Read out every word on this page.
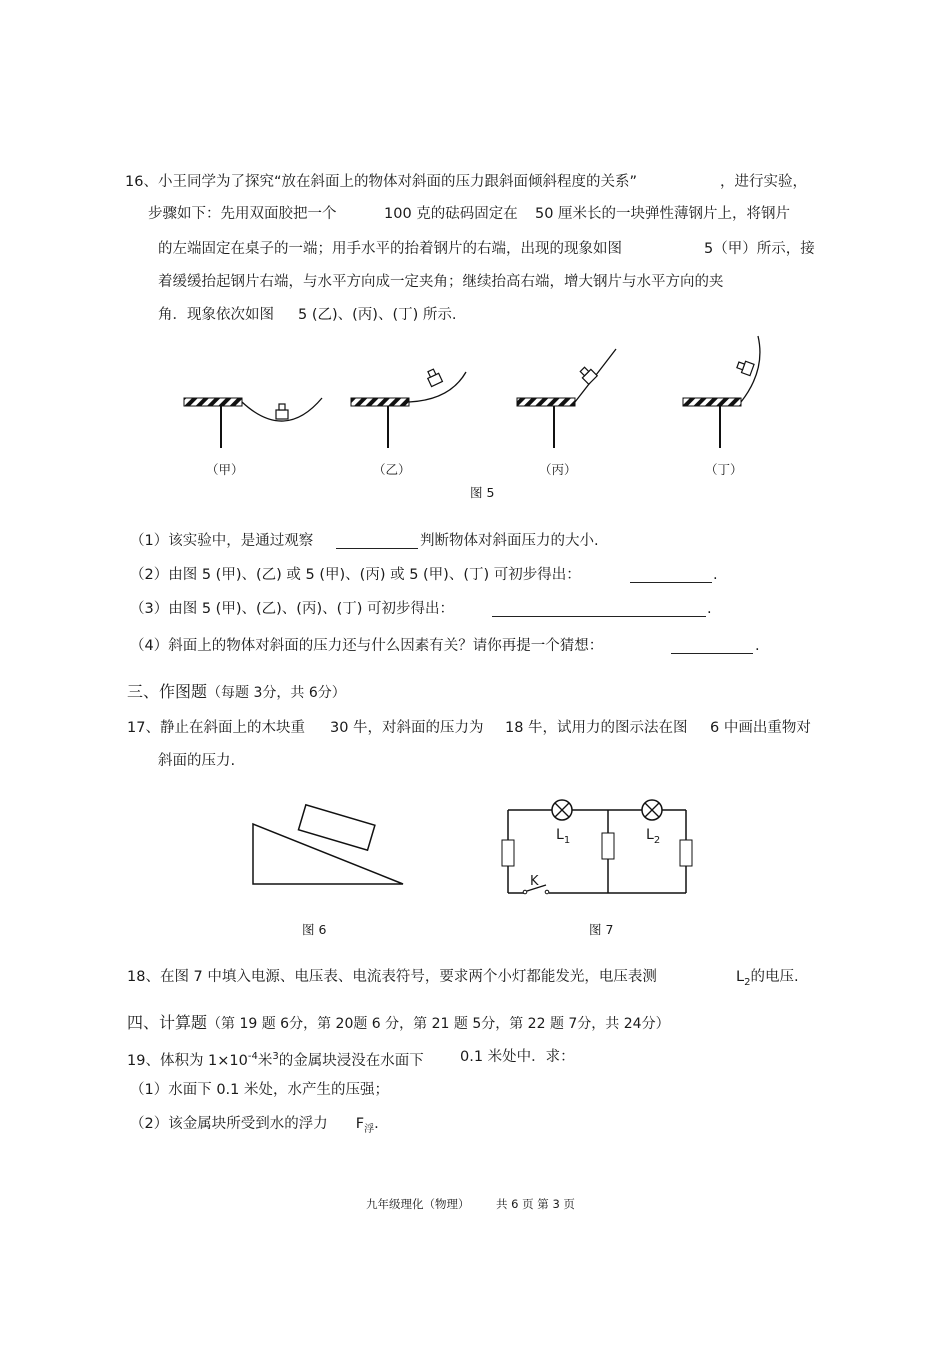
16、小王同学为了探究“放在斜面上的物体对斜面的压力跟斜面倾斜程度的关系”	，进行实验，
步骤如下：先用双面胶把一个	100 克的砝码固定在 50 厘米长的一块弹性薄钢片上，将钢片
的左端固定在桌子的一端；用手水平的抬着钢片的右端，出现的现象如图	5（甲）所示，接
着缓缓抬起钢片右端，与水平方向成一定夹角；继续抬高右端，增大钢片与水平方向的夹
角．现象依次如图 5 (乙)、(丙)、(丁) 所示.
（甲）	（乙）	（丙）	（丁）
图 5
（1）该实验中，是通过观察	判断物体对斜面压力的大小.
（2）由图 5 (甲)、(乙) 或 5 (甲)、(丙) 或 5 (甲)、(丁) 可初步得出：	.
（3）由图 5 (甲)、(乙)、(丙)、(丁) 可初步得出：	.
（4）斜面上的物体对斜面的压力还与什么因素有关？请你再提一个猜想：	.
三、作图题（每题 3分，共 6分）
17、静止在斜面上的木块重 30 牛，对斜面的压力为 18 牛，试用力的图示法在图 6 中画出重物对
斜面的压力.
图 6
$L_1$	$L_2$
K
图 7
18、在图 7 中填入电源、电压表、电流表符号，要求两个小灯都能发光，电压表测	$L_2$的电压.
四、计算题（第 19 题 6分，第 20题 6 分，第 21 题 5分，第 22 题 7分，共 24分）
19、体积为 $1\times 10^{-4}$米$^3$的金属块浸没在水面下	0.1 米处中．求：
（1）水面下 0.1 米处，水产生的压强；
（2）该金属块所受到水的浮力 $F_浮$.
九年级理化（物理） 共 6 页 第 3 页
